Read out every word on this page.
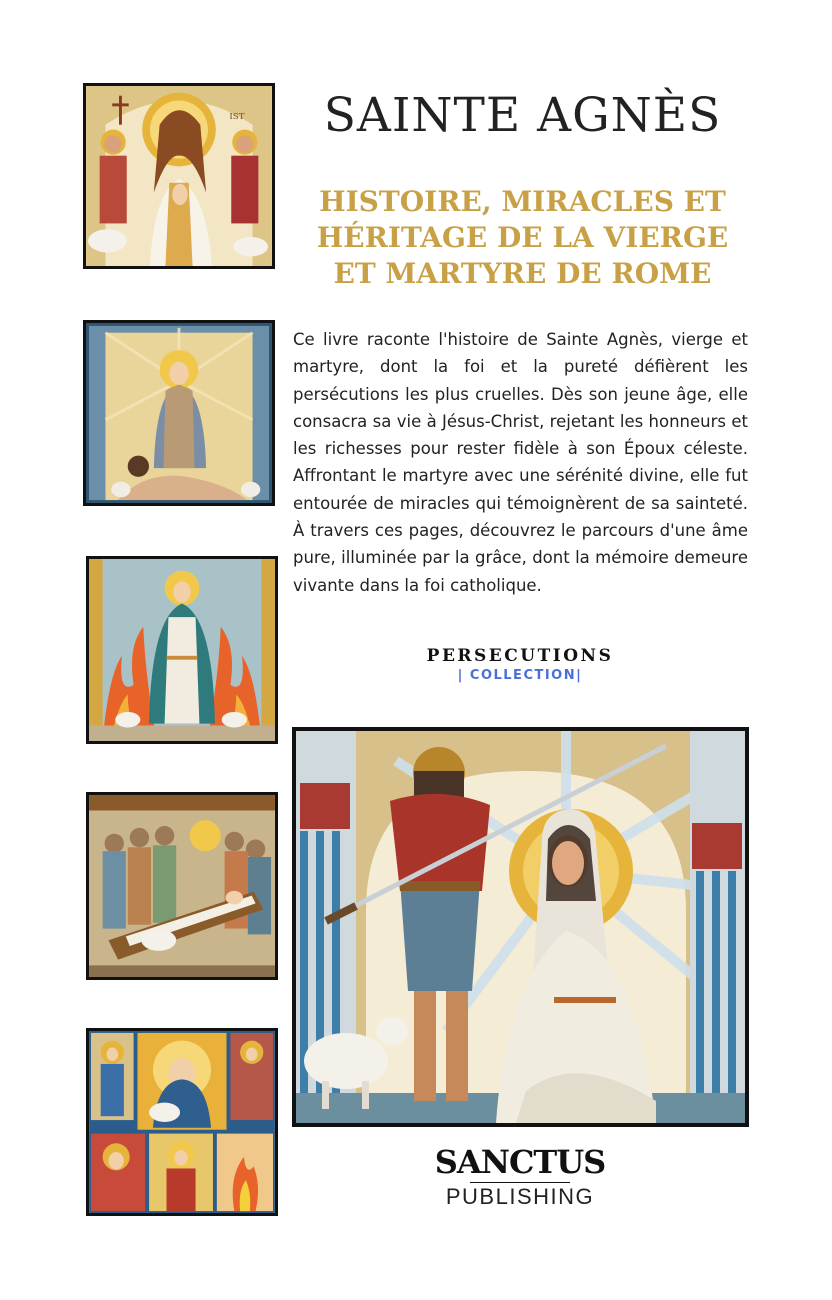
IST	SAINTE AGNÈS
HISTOIRE, MIRACLES ET HÉRITAGE DE LA VIERGE ET MARTYRE DE ROME

Ce livre raconte l'histoire de Sainte Agnès, vierge et martyre, dont la foi et la pureté défièrent les persécutions les plus cruelles. Dès son jeune âge, elle consacra sa vie à Jésus-Christ, rejetant les honneurs et les richesses pour rester fidèle à son Époux céleste. Affrontant le martyre avec une sérénité divine, elle fut entourée de miracles qui témoignèrent de sa sainteté. À travers ces pages, découvrez le parcours d'une âme pure, illuminée par la grâce, dont la mémoire demeure vivante dans la foi catholique.

PERSECUTIONS
| COLLECTION|
SANCTUS
PUBLISHING
